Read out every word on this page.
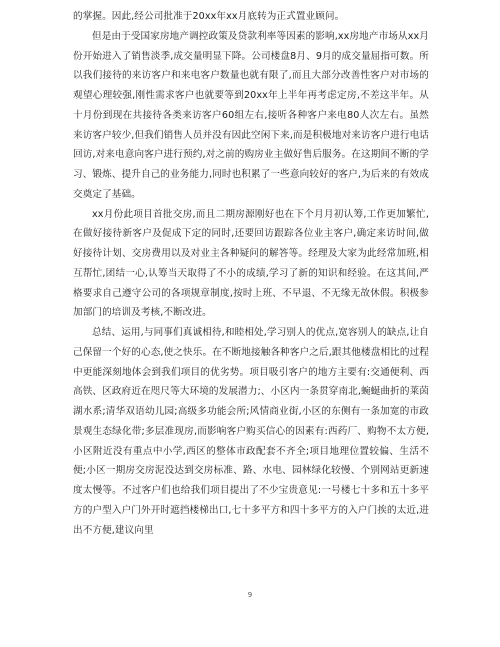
的掌握。因此,经公司批准于20xx年xx月底转为正式置业顾问。

但是由于受国家房地产调控政策及贷款利率等因素的影响,xx房地产市场从xx月份开始进入了销售淡季,成交量明显下降。公司楼盘8月、9月的成交量屈指可数。所以我们接待的来访客户和来电客户数量也就有限了,而且大部分改善性客户对市场的观望心理较强,刚性需求客户也就要等到20xx年上半年再考虑定房,不差这半年。从十月份到现在共接待各类来访客户60组左右,接听各种客户来电80人次左右。虽然来访客户较少,但我们销售人员并没有因此空闲下来,而是积极地对来访客户进行电话回访,对来电意向客户进行预约,对之前的购房业主做好售后服务。在这期间不断的学习、锻炼、提升自己的业务能力,同时也积累了一些意向较好的客户,为后来的有效成交奠定了基础。

xx月份此项目首批交房,而且二期房源刚好也在下个月月初认筹,工作更加繁忙,在做好接待新客户及促成下定的同时,还要回访跟踪各位业主客户,确定来访时间,做好接待计划、交房费用以及对业主各种疑问的解答等。经理及大家为此经常加班,相互帮忙,团结一心,认筹当天取得了不小的成绩,学习了新的知识和经验。在这其间,严格要求自己遵守公司的各项规章制度,按时上班、不早退、不无缘无故休假。积极参加部门的培训及考核,不断改进。

总结、运用,与同事们真诚相待,和睦相处,学习别人的优点,宽容别人的缺点,让自己保留一个好的心态,使之快乐。在不断地接触各种客户之后,跟其他楼盘相比的过程中更能深刻地体会到我们项目的优劣势。项目吸引客户的地方主要有:交通便利、西高铁、区政府近在咫尺等大环境的发展潜力;、小区内一条贯穿南北,蜿蜒曲折的莱茵湖水系;清华双语幼儿园;高级多功能会所;风情商业街,小区的东侧有一条加宽的市政景观生态绿化带;多层准现房,而影响客户购买信心的因素有:西药厂、购物不太方便,小区附近没有重点中小学,西区的整体市政配套不齐全;项目地理位置较偏、生活不便;小区一期房交房泥没达到交房标准、路、水电、园林绿化较慢、个别网站更新速度太慢等。不过客户们也给我们项目提出了不少宝贵意见:一号楼七十多和五十多平方的户型入户门外开时遮挡楼梯出口,七十多平方和四十多平方的入户门挨的太近,进出不方便,建议向里

9
